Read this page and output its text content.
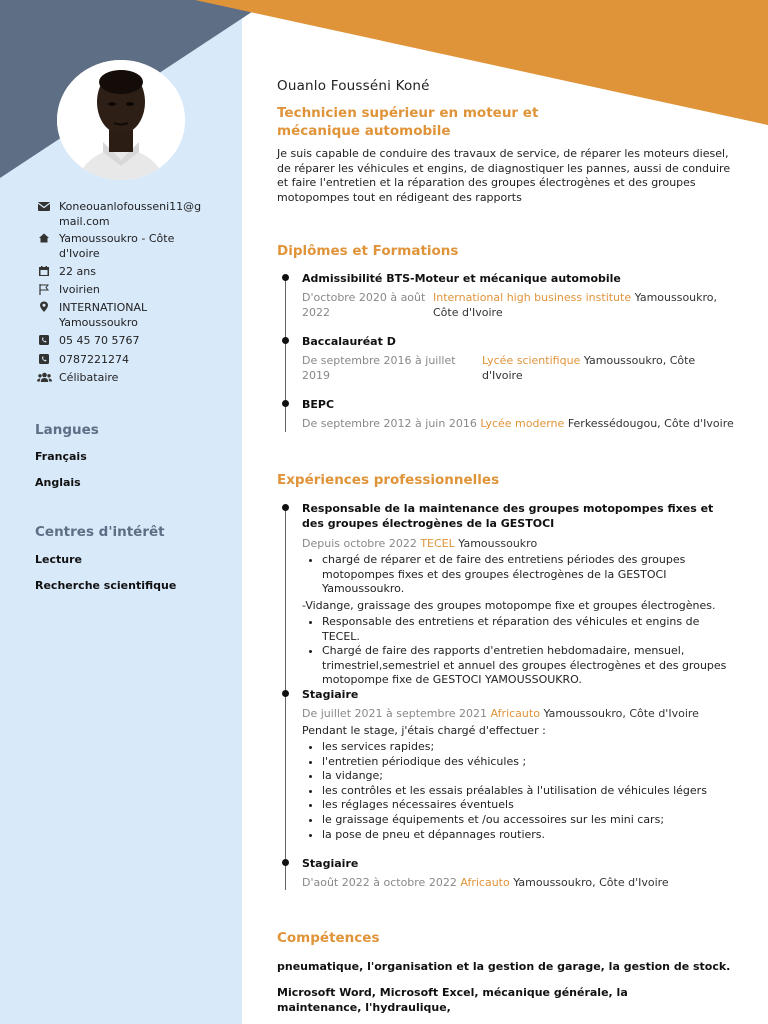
Koneouanlofousseni11@gmail.com
Yamoussoukro - Côte d'Ivoire
22 ans
Ivoirien
INTERNATIONAL Yamoussoukro
05 45 70 5767
0787221274
Célibataire
Langues
Français
Anglais
Centres d'intérêt
Lecture
Recherche scientifique
Ouanlo Fousséni Koné
Technicien supérieur en moteur et mécanique automobile
Je suis capable de conduire des travaux de service, de réparer les moteurs diesel, de réparer les véhicules et engins, de diagnostiquer les pannes, aussi de conduire et faire l'entretien et la réparation des groupes électrogènes et des groupes motopompes tout en rédigeant des rapports
Diplômes et Formations
Admissibilité BTS-Moteur et mécanique automobile
D'octobre 2020 à août 2022
International high business institute Yamoussoukro, Côte d'Ivoire
Baccalauréat D
De septembre 2016 à juillet 2019
Lycée scientifique Yamoussoukro, Côte d'Ivoire
BEPC
De septembre 2012 à juin 2016 Lycée moderne Ferkessédougou, Côte d'Ivoire
Expériences professionnelles
Responsable de la maintenance des groupes motopompes fixes et des groupes électrogènes de la GESTOCI
Depuis octobre 2022 TECEL Yamoussoukro
• chargé de réparer et de faire des entretiens périodes des groupes motopompes fixes et des groupes électrogènes de la GESTOCI Yamoussoukro.
-Vidange, graissage des groupes motopompe fixe et groupes électrogènes.
• Responsable des entretiens et réparation des véhicules et engins de TECEL.
• Chargé de faire des rapports d'entretien hebdomadaire, mensuel, trimestriel,semestriel et annuel des groupes électrogènes et des groupes motopompe fixe de GESTOCI YAMOUSSOUKRO.
Stagiaire
De juillet 2021 à septembre 2021 Africauto Yamoussoukro, Côte d'Ivoire
Pendant le stage, j'étais chargé d'effectuer :
• les services rapides;
• l'entretien périodique des véhicules ;
• la vidange;
• les contrôles et les essais préalables à l'utilisation de véhicules légers
• les réglages nécessaires éventuels
• le graissage équipements et /ou accessoires sur les mini cars;
• la pose de pneu et dépannages routiers.
Stagiaire
D'août 2022 à octobre 2022 Africauto Yamoussoukro, Côte d'Ivoire
Compétences
pneumatique, l'organisation et la gestion de garage, la gestion de stock.
Microsoft Word, Microsoft Excel, mécanique générale, la maintenance, l'hydraulique,
